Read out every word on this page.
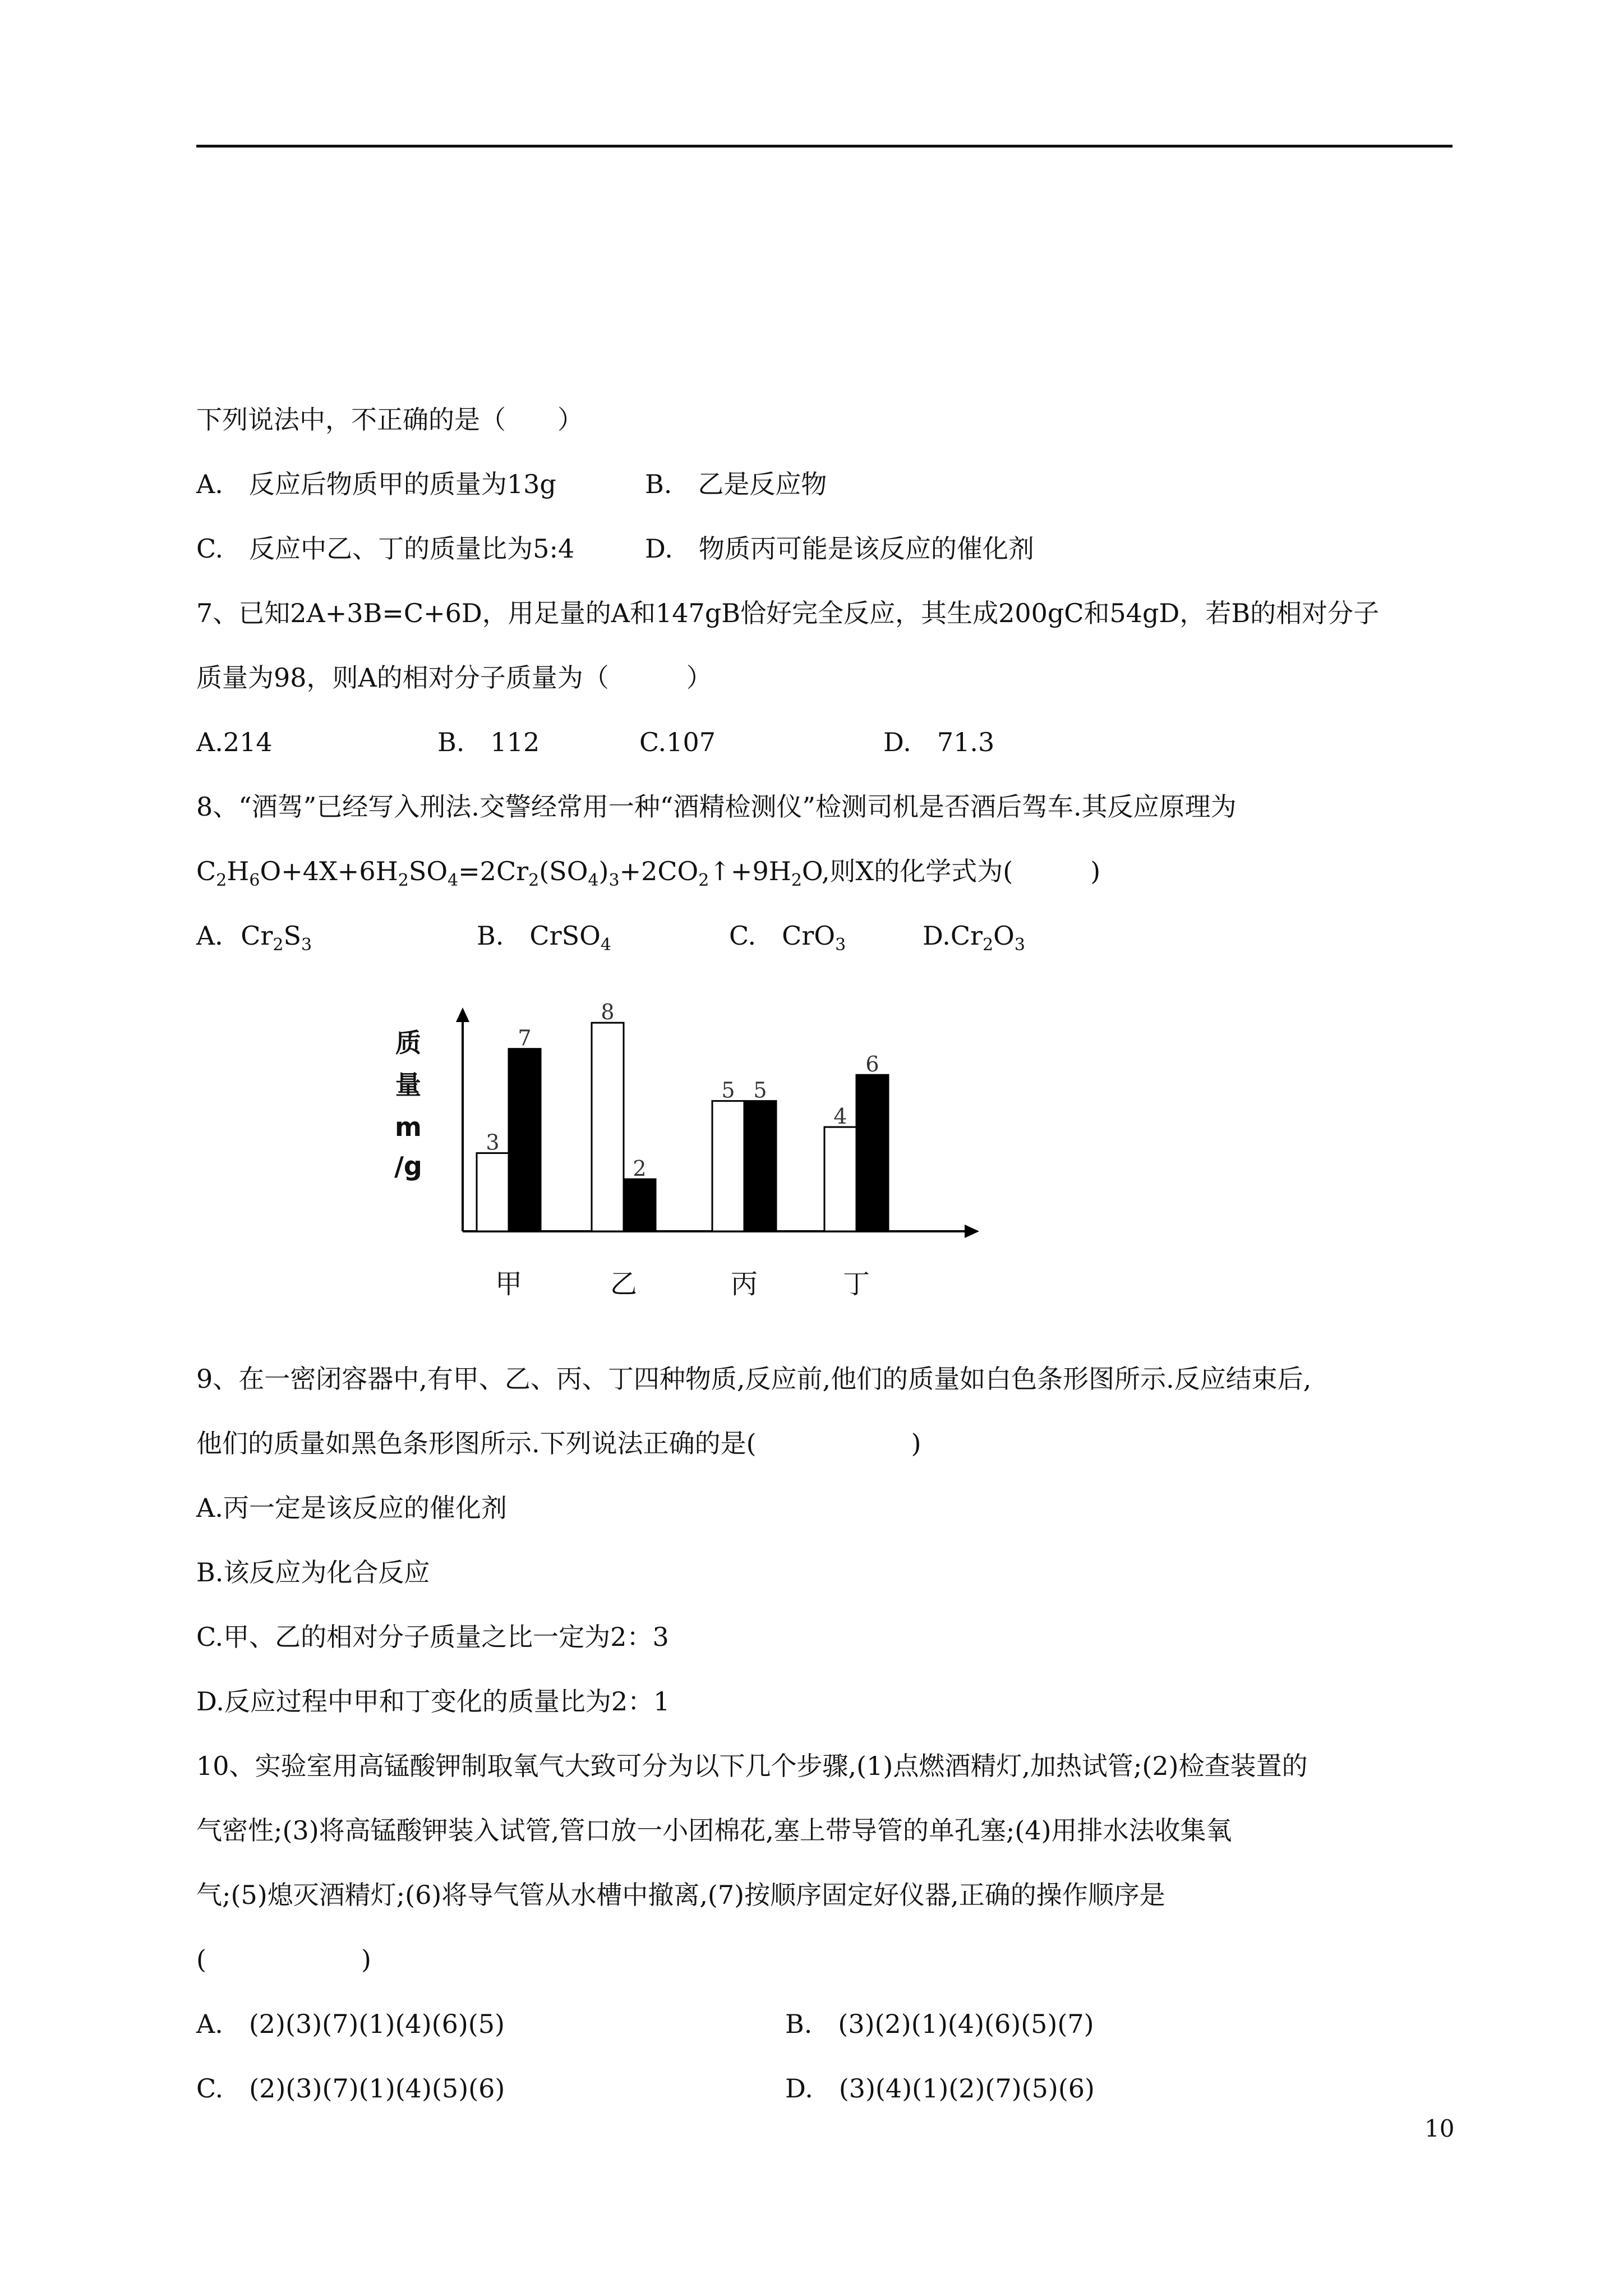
下列说法中，不正确的是（　　）
A.　反应后物质甲的质量为13g	B.　乙是反应物
C.　反应中乙、丁的质量比为5:4	D.　物质丙可能是该反应的催化剂
7、已知2A+3B=C+6D，用足量的A和147gB恰好完全反应，其生成200gC和54gD，若B的相对分子
质量为98，则A的相对分子质量为（　　　）
A.214	B.　112	C.107	D.　71.3
8、“酒驾”已经写入刑法.交警经常用一种“酒精检测仪”检测司机是否酒后驾车.其反应原理为
$C_2H_6O+4X+6H_2SO_4=2Cr_2(SO_4)_3+2CO_2↑+9H_2O$,则X的化学式为(　　　)
A．$Cr_2S_3$	B.　CrSO$_4$	C.　CrO$_3$	$D.Cr_2O_3$
质
量
m
/g
3
7
8
2
5 5
4
6
甲	乙	丙	丁
9、在一密闭容器中,有甲、乙、丙、丁四种物质,反应前,他们的质量如白色条形图所示.反应结束后,
他们的质量如黑色条形图所示.下列说法正确的是(　　　　　　)
A.丙一定是该反应的催化剂
B.该反应为化合反应
C.甲、乙的相对分子质量之比一定为2：3
D.反应过程中甲和丁变化的质量比为2：1
10、实验室用高锰酸钾制取氧气大致可分为以下几个步骤,(1)点燃酒精灯,加热试管;(2)检查装置的
气密性;(3)将高锰酸钾装入试管,管口放一小团棉花,塞上带导管的单孔塞;(4)用排水法收集氧
气;(5)熄灭酒精灯;(6)将导气管从水槽中撤离,(7)按顺序固定好仪器,正确的操作顺序是
(　　　　　　)
A.　(2)(3)(7)(1)(4)(6)(5)	B.　(3)(2)(1)(4)(6)(5)(7)
C.　(2)(3)(7)(1)(4)(5)(6)	D.　(3)(4)(1)(2)(7)(5)(6)
10
